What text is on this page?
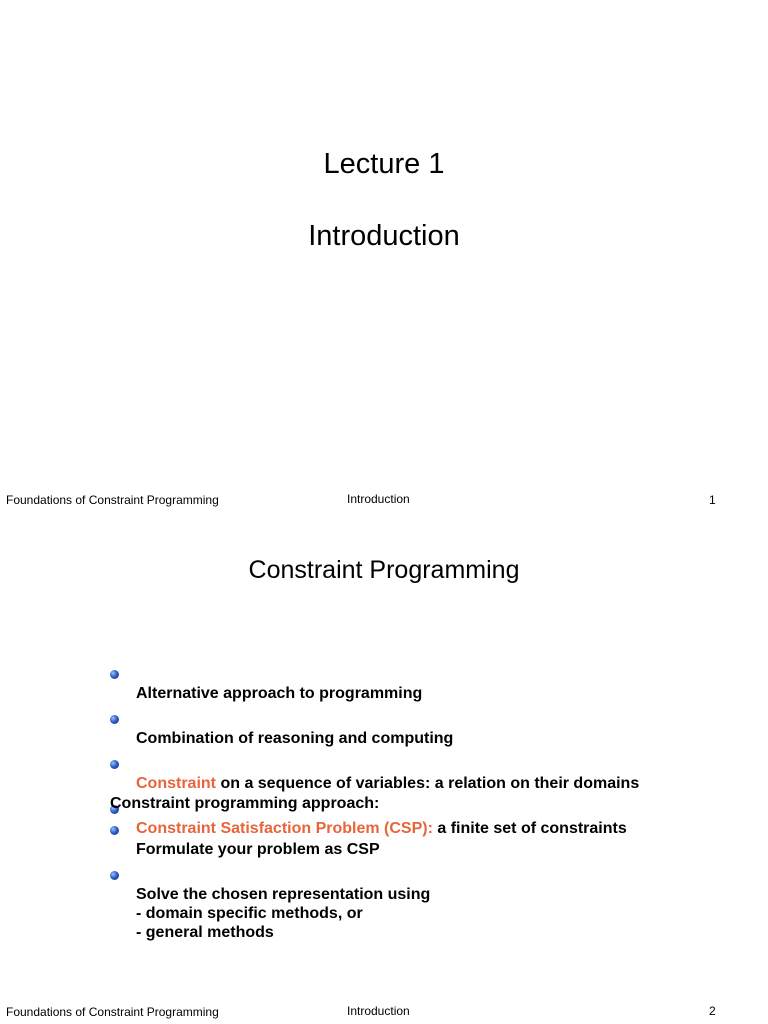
Lecture 1
Introduction
Foundations of Constraint Programming	Introduction	1
Constraint Programming

Alternative approach to programming

Combination of reasoning and computing

Constraint on a sequence of variables: a relation on their domains

Constraint Satisfaction Problem (CSP): a finite set of constraints

Constraint programming approach:

Formulate your problem as CSP

Solve the chosen representation using
- domain specific methods, or
- general methods

Foundations of Constraint Programming	Introduction	2
